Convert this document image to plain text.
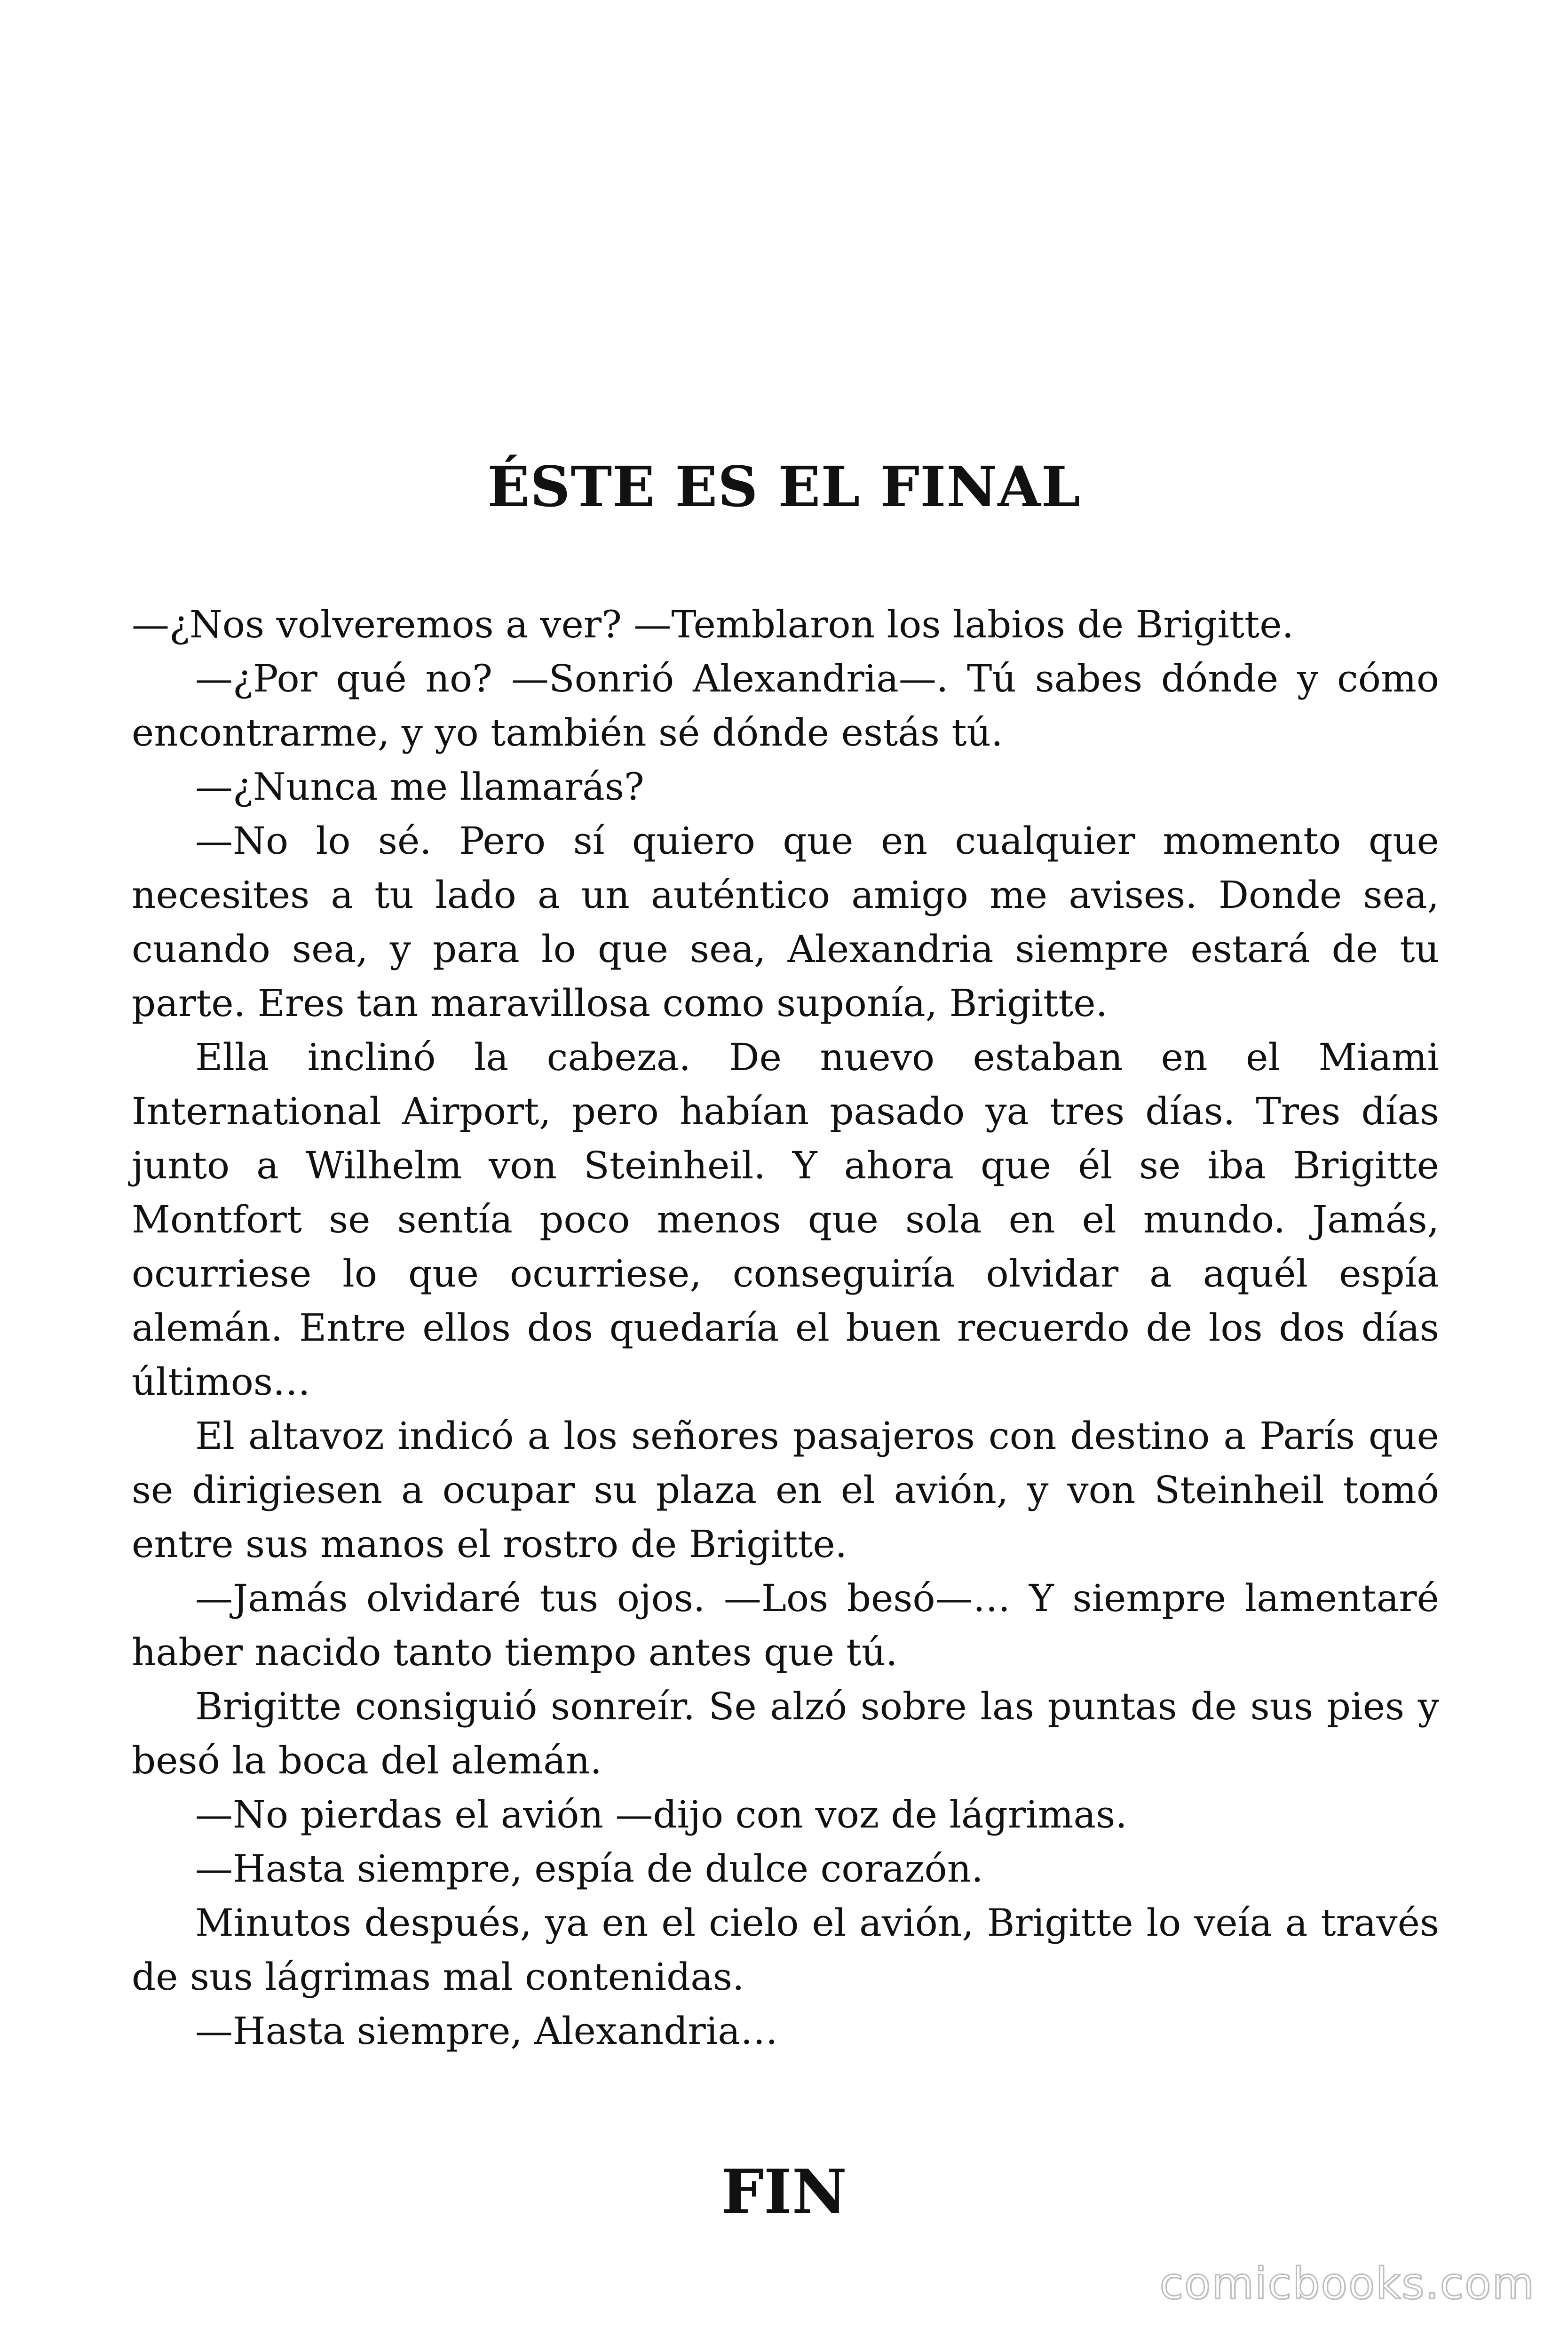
ÉSTE ES EL FINAL

—¿Nos volveremos a ver? —Temblaron los labios de Brigitte.

—¿Por qué no? —Sonrió Alexandria—. Tú sabes dónde y cómo encontrarme, y yo también sé dónde estás tú.

—¿Nunca me llamarás?

—No lo sé. Pero sí quiero que en cualquier momento que necesites a tu lado a un auténtico amigo me avises. Donde sea, cuando sea, y para lo que sea, Alexandria siempre estará de tu parte. Eres tan maravillosa como suponía, Brigitte.

Ella inclinó la cabeza. De nuevo estaban en el Miami International Airport, pero habían pasado ya tres días. Tres días junto a Wilhelm von Steinheil. Y ahora que él se iba Brigitte Montfort se sentía poco menos que sola en el mundo. Jamás, ocurriese lo que ocurriese, conseguiría olvidar a aquél espía alemán. Entre ellos dos quedaría el buen recuerdo de los dos días últimos…

El altavoz indicó a los señores pasajeros con destino a París que se dirigiesen a ocupar su plaza en el avión, y von Steinheil tomó entre sus manos el rostro de Brigitte.

—Jamás olvidaré tus ojos. —Los besó—… Y siempre lamentaré haber nacido tanto tiempo antes que tú.

Brigitte consiguió sonreír. Se alzó sobre las puntas de sus pies y besó la boca del alemán.

—No pierdas el avión —dijo con voz de lágrimas.

—Hasta siempre, espía de dulce corazón.

Minutos después, ya en el cielo el avión, Brigitte lo veía a través de sus lágrimas mal contenidas.

—Hasta siempre, Alexandria…

FIN
comicbooks.com
